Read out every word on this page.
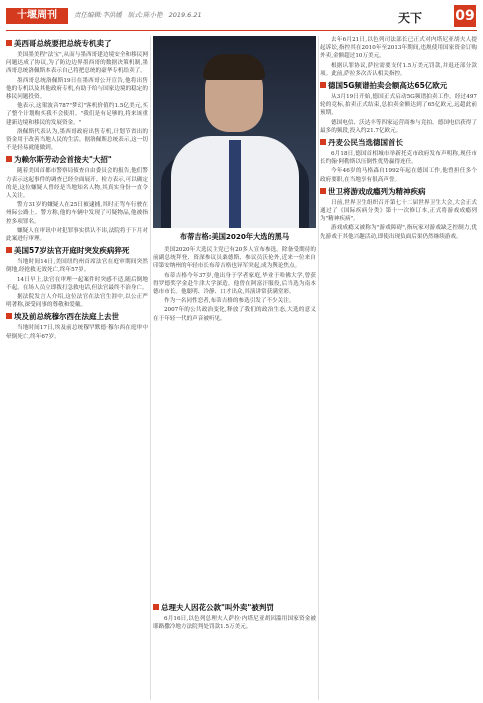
十堰周刊	责任编辑:李洪媛 版式:陈小艳 2019.6.21	天下 09
美西哥总统要把总统专机卖了

美国墨美程"法宝",从而与墨西哥建边境安全和移民网问题达成了协议,为了防边边界墨西哥的数据决策机制,墨西哥总统洛佩斯本表示自己将把总统的豪华专机给卖了。

墨西哥总统洛佩斯19日在墨西哥公开宣告,他将出售他的专机以及其他政府专机,有助于给与国家边境的稳定的移民问题投资。

他表示,这架波音787"梦幻"客机价值约1.5亿美元,买了整个计划购买我不会使用。"我们是有足够的,将来该重建新边境和移民的发展资金。"

洛佩斯代表认为,墨西哥政府出售专机,计划节省出的资金用于改善当地人民的生活。据洛佩斯总统表示,这一切不是轻易就能做到。

为赖尔斯劳动会首接夫"大招"

随着美国首都市警察局侦查自由委员会的报告,他们警方表示这起事件的调查已经全面展开。检方表示,可以确定的是,这位嫌疑人曾经是当地知名人物,其真实身份一直令人关注。

警方31岁的嫌疑人在25日被逮捕,其时正驾车行驶在州际公路上。警方称,他的车辆中发现了可疑物品,他被指控多项罪名。

嫌疑人在审讯中对犯罪事实供认不讳,法院将于下月对此案进行审理。

美国57岁法官开庭时突发疾病猝死

当地时间14日,美国纽约州首席法官在庭审期间突然倒地,经抢救无效死亡,终年57岁。

14日早上,法官在审理一起案件时突感不适,随后倒地不起。在场人员立即拨打急救电话,但法官最终不治身亡。

据法院发言人介绍,这位法官在法官生涯中,以公正严明著称,深受同事的尊敬和爱戴。

埃及前总统穆尔西在法庭上去世

当地时间17日,埃及前总统穆罕默德·穆尔西在庭审中晕倒死亡,终年67岁。

布蒂吉格:美国2020年大选的黑马

美国2020年大选民主党已有20多人宣布参选。除备受期待的前副总统拜登、资深参议员桑德斯、参议员沃伦外,近来一位来自印第安纳州的年轻市长布蒂吉格也异军突起,成为舆论焦点。

布蒂吉格今年37岁,他出身于学者家庭,毕业于哈佛大学,曾获得罗德奖学金赴牛津大学深造。他曾在阿富汗服役,后当选为南本德市市长。他聪明、冷静、口才出众,其演讲常获满堂彩。

作为一名同性恋者,布蒂吉格的参选引发了不少关注。

2007年的公共政治变化,释放了我们的政治生态,大选的意义在于年轻一代的声音被听见。

总理夫人因花公款"叫外卖"被判罚

6月16日,以色列总理夫人萨拉·内塔尼亚胡因滥用国家资金被耶路撒冷地方法院判处罚款1.5万美元。

去年6月21日,以色列司法部长已正式对内塔尼亚胡夫人提起诉讼,指控其在2010年至2013年期间,违规使用国家资金订购外卖,金额超过10万美元。

根据认罪协议,萨拉需要支付1.5万美元罚款,并退还部分款项。此前,萨拉多次否认相关指控。

德国5G频谱拍卖会额高达65亿欧元

从3月19日开始,德国正式启动5G频谱拍卖工作。经过497轮的竞标,拍卖正式结束,总拍卖金额达到了65亿欧元,远超此前预期。

德国电信、沃达丰等四家运营商参与竞拍。德国电信获得了最多的频段,投入约21.7亿欧元。

丹麦公民当选德国首长

6月18日,德国首相城市举新托克市政府发布声明称,现任市长约翰·阿勒斯以压倒性优势赢得连任。

今年46岁的马格森自1992年起在德国工作,他曾担任多个政府要职,在当地享有很高声誉。

世卫将游戏成瘾列为精神疾病

日前,世界卫生组织召开第七十二届世界卫生大会,大会正式通过了《国际疾病分类》第十一次修订本,正式将游戏成瘾列为"精神疾病"。

游戏成瘾又被称为"游戏障碍",指玩家对游戏缺乏控制力,优先游戏于其他兴趣活动,即使出现负面后果仍然继续游戏。
